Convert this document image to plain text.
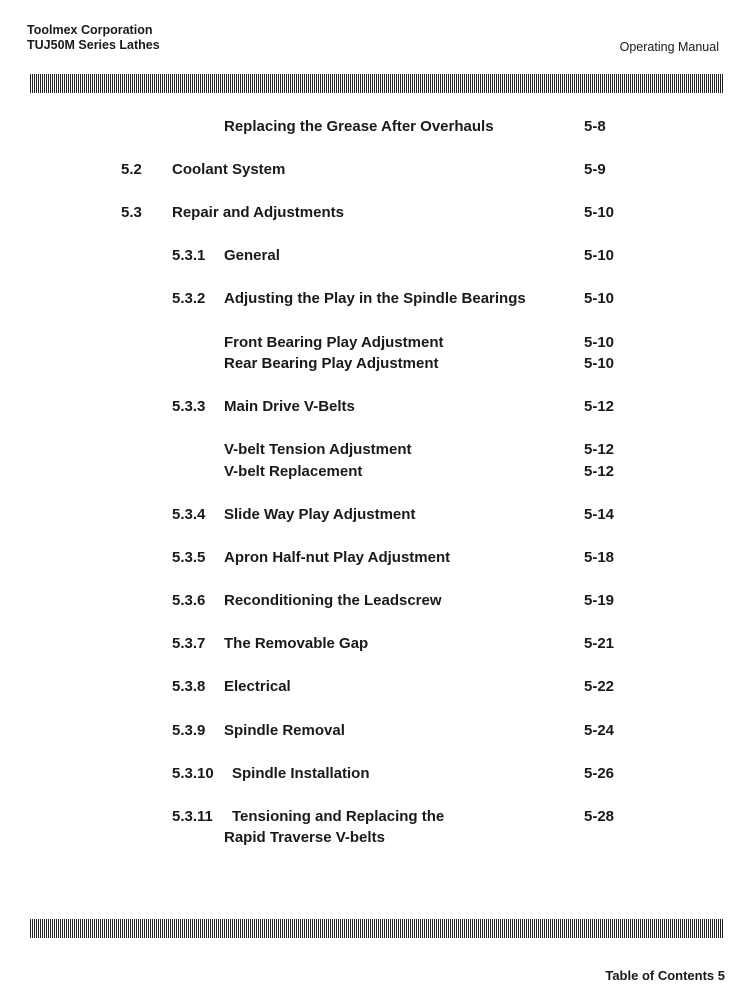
Toolmex Corporation
TUJ50M Series Lathes	Operating Manual
Replacing the Grease After Overhauls	5-8
5.2 Coolant System	5-9
5.3 Repair and Adjustments	5-10
5.3.1 General	5-10
5.3.2 Adjusting the Play in the Spindle Bearings	5-10
Front Bearing Play Adjustment	5-10
Rear Bearing Play Adjustment	5-10
5.3.3 Main Drive V-Belts	5-12
V-belt Tension Adjustment	5-12
V-belt Replacement	5-12
5.3.4 Slide Way Play Adjustment	5-14
5.3.5 Apron Half-nut Play Adjustment	5-18
5.3.6 Reconditioning the Leadscrew	5-19
5.3.7 The Removable Gap	5-21
5.3.8 Electrical	5-22
5.3.9 Spindle Removal	5-24
5.3.10 Spindle Installation	5-26
5.3.11 Tensioning and Replacing the	5-28
Rapid Traverse V-belts
Table of Contents 5
